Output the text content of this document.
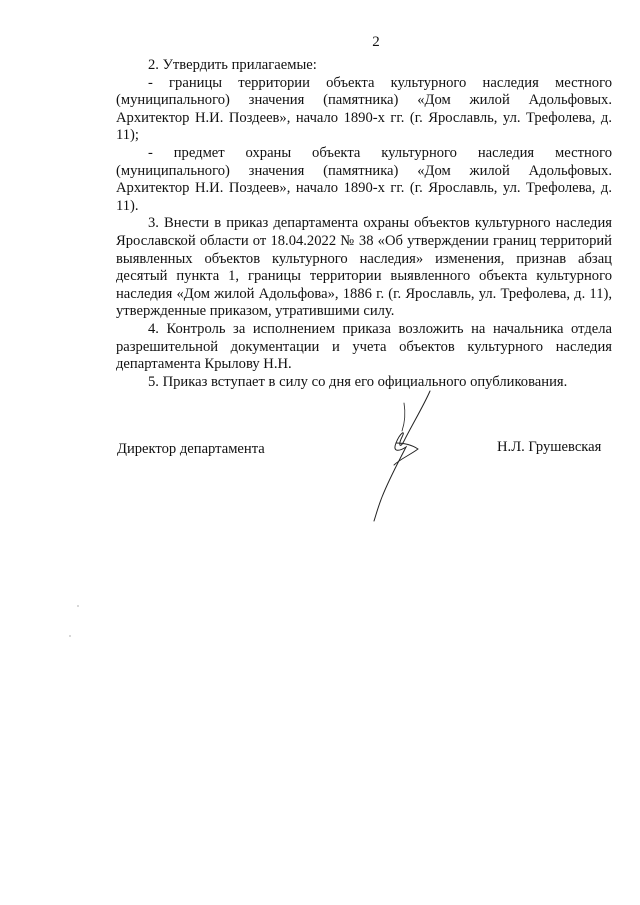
2

2. Утвердить прилагаемые:

- границы территории объекта культурного наследия местного (муниципального) значения (памятника) «Дом жилой Адольфовых. Архитектор Н.И. Поздеев», начало 1890-х гг. (г. Ярославль, ул. Трефолева, д. 11);

- предмет охраны объекта культурного наследия местного (муниципального) значения (памятника) «Дом жилой Адольфовых. Архитектор Н.И. Поздеев», начало 1890-х гг. (г. Ярославль, ул. Трефолева, д. 11).

3. Внести в приказ департамента охраны объектов культурного наследия Ярославской области от 18.04.2022 № 38 «Об утверждении границ территорий выявленных объектов культурного наследия» изменения, признав абзац десятый пункта 1, границы территории выявленного объекта культурного наследия «Дом жилой Адольфова», 1886 г. (г. Ярославль, ул. Трефолева, д. 11), утвержденные приказом, утратившими силу.

4. Контроль за исполнением приказа возложить на начальника отдела разрешительной документации и учета объектов культурного наследия департамента Крылову Н.Н.

5. Приказ вступает в силу со дня его официального опубликования.

Директор департамента	Н.Л. Грушевская
